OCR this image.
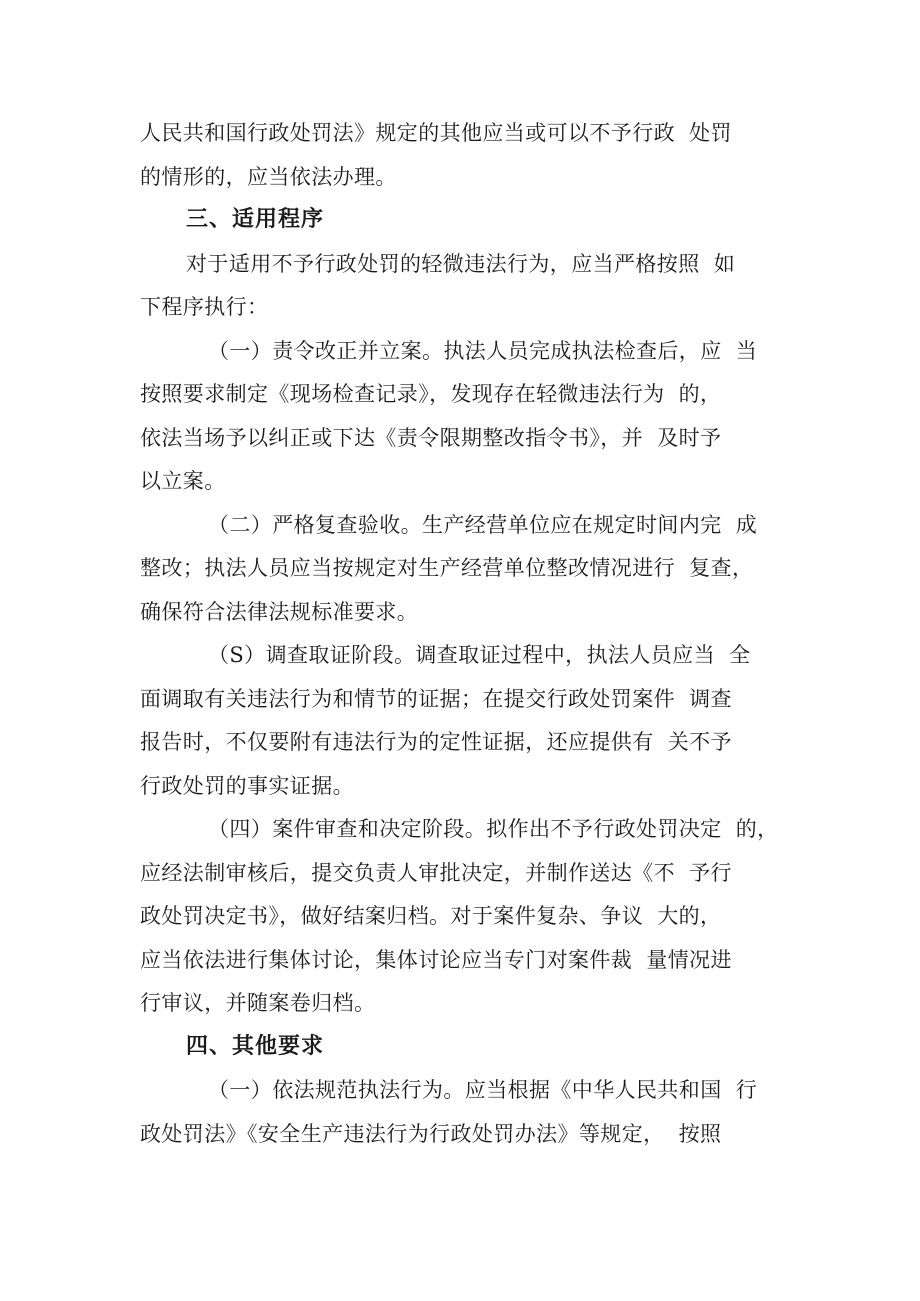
人民共和国行政处罚法》规定的其他应当或可以不予行政  处罚
的情形的，应当依法办理。
三、适用程序
对于适用不予行政处罚的轻微违法行为，应当严格按照  如
下程序执行：
（一）责令改正并立案。执法人员完成执法检查后，应  当
按照要求制定《现场检查记录》，发现存在轻微违法行为  的，
依法当场予以纠正或下达《责令限期整改指令书》，并  及时予
以立案。
（二）严格复查验收。生产经营单位应在规定时间内完  成
整改；执法人员应当按规定对生产经营单位整改情况进行  复查，
确保符合法律法规标准要求。
（S）调查取证阶段。调查取证过程中，执法人员应当  全
面调取有关违法行为和情节的证据；在提交行政处罚案件  调查
报告时，不仅要附有违法行为的定性证据，还应提供有  关不予
行政处罚的事实证据。
（四）案件审查和决定阶段。拟作出不予行政处罚决定  的，
应经法制审核后，提交负责人审批决定，并制作送达《不  予行
政处罚决定书》，做好结案归档。对于案件复杂、争议  大的，
应当依法进行集体讨论，集体讨论应当专门对案件裁  量情况进
行审议，并随案卷归档。
四、其他要求
（一）依法规范执法行为。应当根据《中华人民共和国  行
政处罚法》《安全生产违法行为行政处罚办法》等规定，  按照
